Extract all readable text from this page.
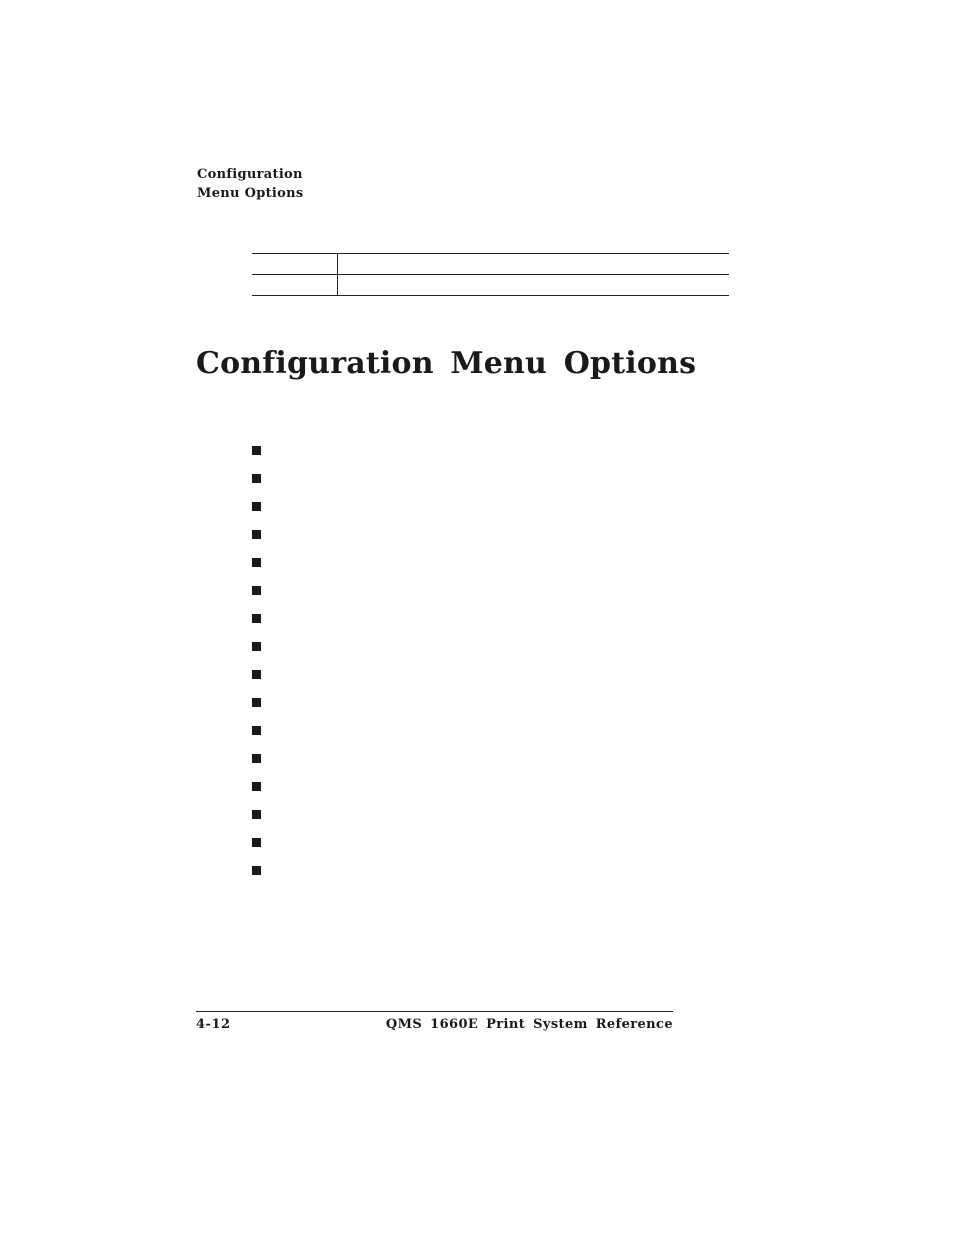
Configuration
Menu Options
Configuration Menu Options
4-12	QMS 1660E Print System Reference
